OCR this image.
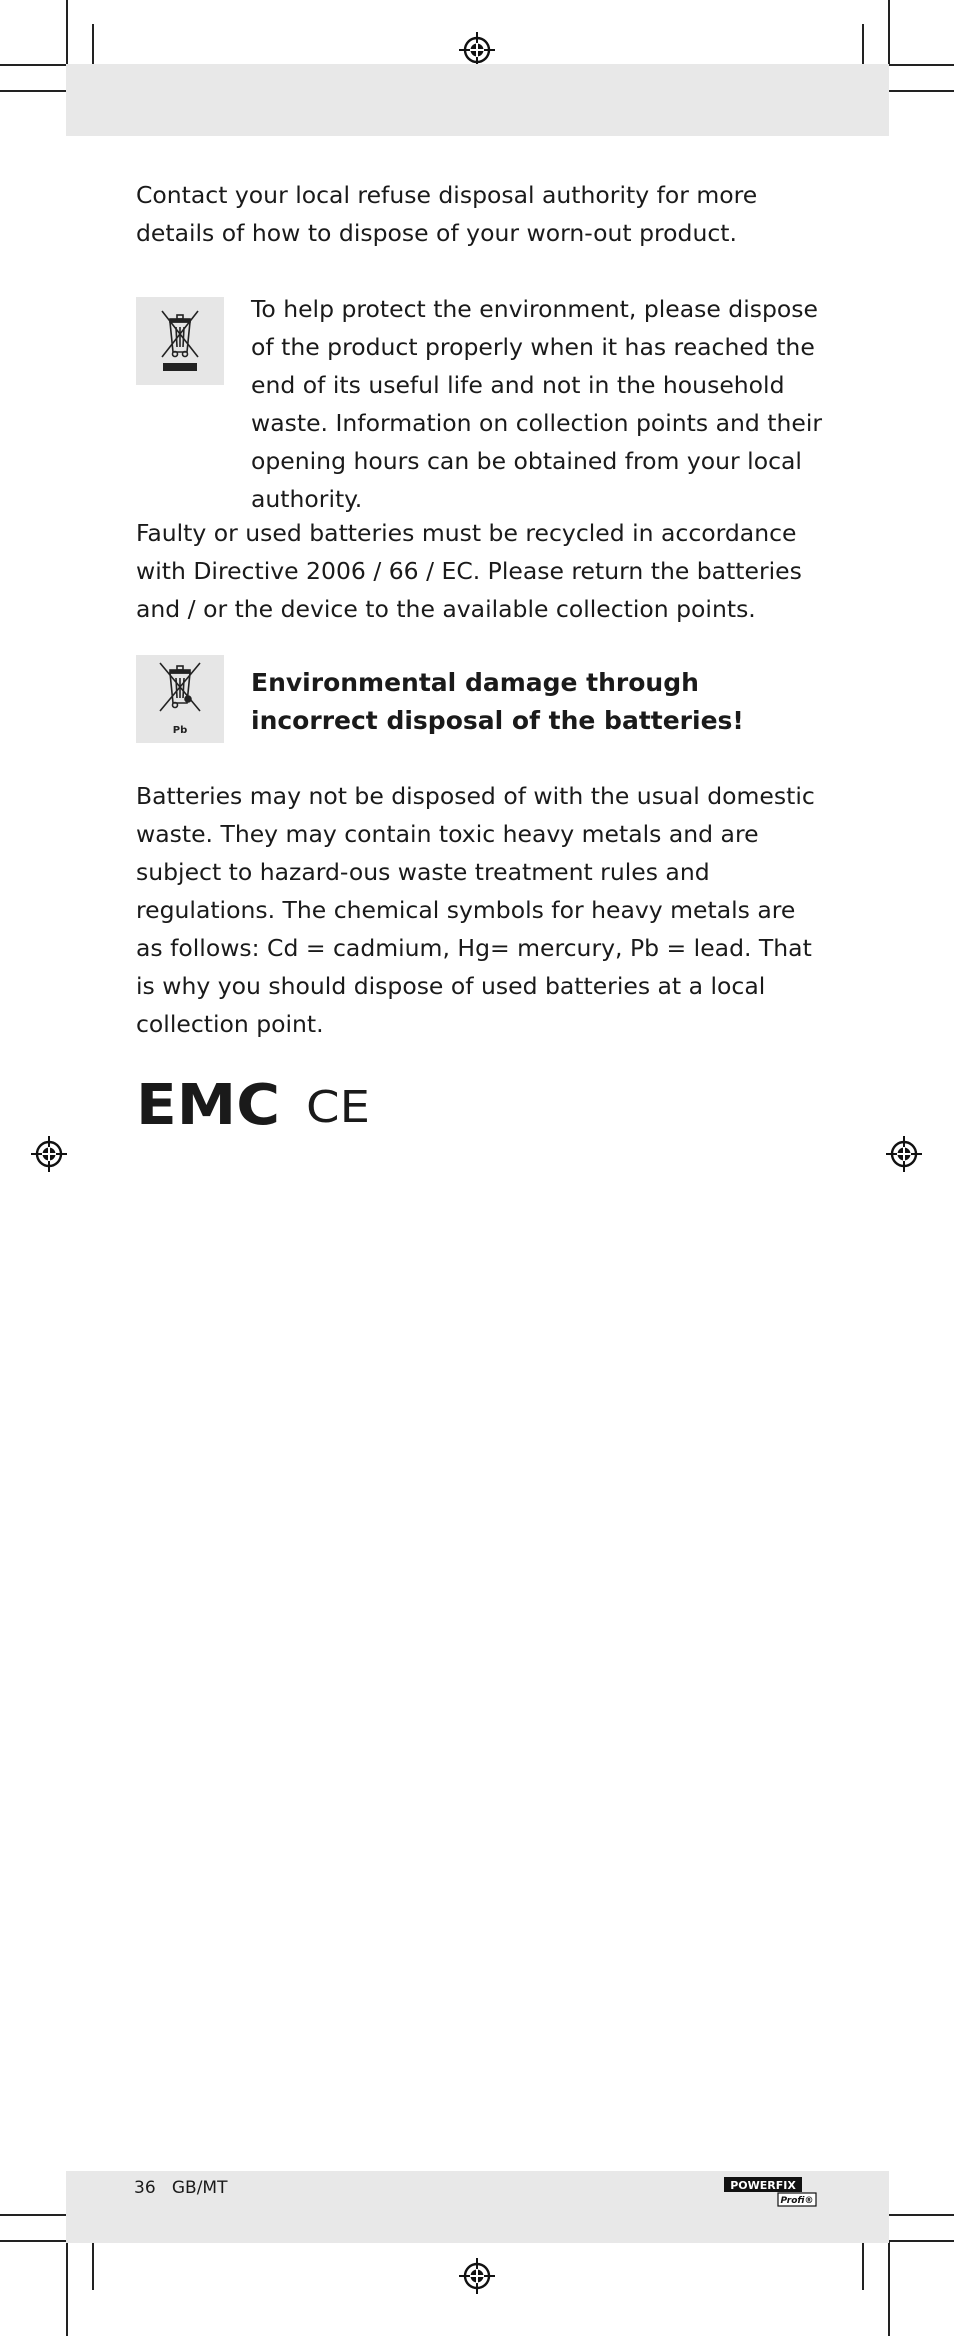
Contact your local refuse disposal authority for more details of how to dispose of your worn-out product.

To help protect the environment, please dispose of the product properly when it has reached the end of its useful life and not in the household waste. Information on collection points and their opening hours can be obtained from your local authority.

Faulty or used batteries must be recycled in accordance with Directive 2006 / 66 / EC. Please return the batteries and / or the device to the available collection points.

Pb

Environmental damage through incorrect disposal of the batteries!

Batteries may not be disposed of with the usual domestic waste. They may contain toxic heavy metals and are subject to hazard-ous waste treatment rules and regulations. The chemical symbols for heavy metals are as follows: Cd = cadmium, Hg= mercury, Pb = lead. That is why you should dispose of used batteries at a local collection point.

EMC CE
36 GB/MT	POWERFIX
Profi®
